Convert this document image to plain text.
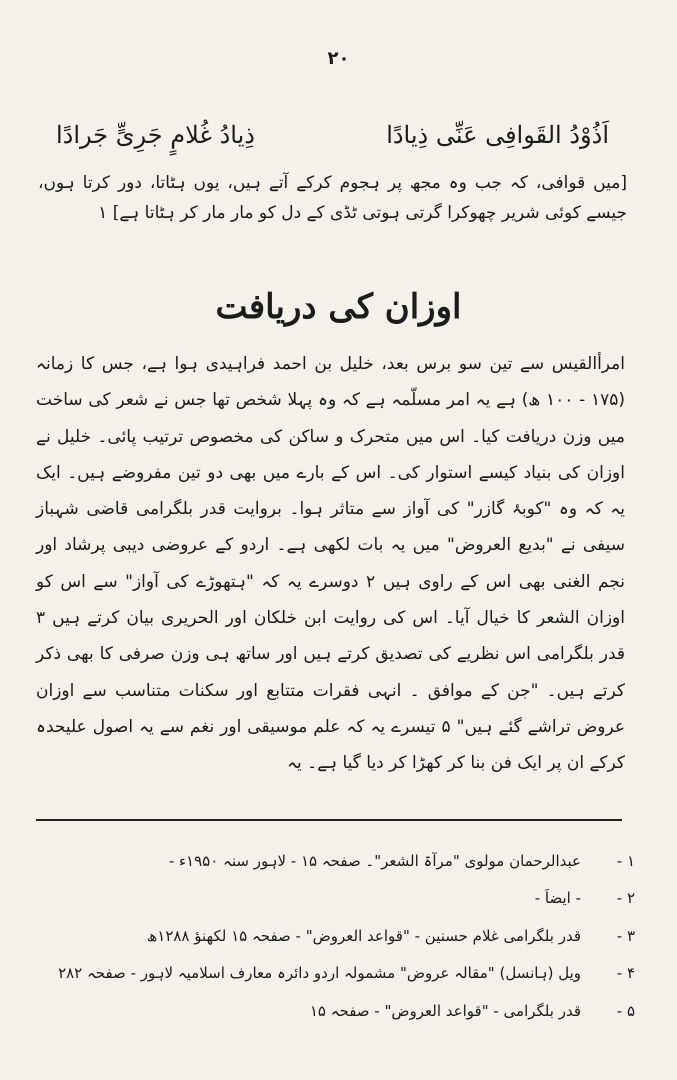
۲۰
اَذُوْدُ القَوافِی عَنِّی ذِیادًا
ذِیادُ غُلامٍ جَرِیٍّ جَرادًا
[میں قوافی، کہ جب وہ مجھ پر ہجوم کرکے آتے ہیں، یوں ہٹاتا، دور کرتا ہوں، جیسے کوئی شریر چھوکرا گرتی ہوتی ٹڈی کے دل کو مار مار کر ہٹاتا ہے] ۱
اوزان کی دریافت
امرأالقیس سے تین سو برس بعد، خلیل بن احمد فراہیدی ہوا ہے، جس کا زمانہ (۱۷۵ - ۱۰۰ ھ) ہے یہ امر مسلّمہ ہے کہ وہ پہلا شخص تھا جس نے شعر کی ساخت میں وزن دریافت کیا۔ اس میں متحرک و ساکن کی مخصوص ترتیب پائی۔ خلیل نے اوزان کی بنیاد کیسے استوار کی۔ اس کے بارے میں بھی دو تین مفروضے ہیں۔ ایک یہ کہ وہ "کوبۂ گازر" کی آواز سے متاثر ہوا۔ بروایت قدر بلگرامی قاضی شہباز سیفی نے "بدیع العروض" میں یہ بات لکھی ہے۔ اردو کے عروضی دیبی پرشاد اور نجم الغنی بھی اس کے راوی ہیں ۲ دوسرے یہ کہ "ہتھوڑے کی آواز" سے اس کو اوزان الشعر کا خیال آیا۔ اس کی روایت ابن خلکان اور الحریری بیان کرتے ہیں ۳ قدر بلگرامی اس نظریے کی تصدیق کرتے ہیں اور ساتھ ہی وزن صرفی کا بھی ذکر کرتے ہیں۔ "جن کے موافق ۔ انہی فقرات متتابع اور سکنات متناسب سے اوزان عروض تراشے گئے ہیں" ۵ تیسرے یہ کہ علم موسیقی اور نغم سے یہ اصول علیحدہ کرکے ان پر ایک فن بنا کر کھڑا کر دیا گیا ہے۔ یہ
۱ -
عبدالرحمان مولوی "مرآۃ الشعر"۔ صفحہ ۱۵ - لاہور سنہ ۱۹۵۰ء -
۲ -
- ایضاً -
۳ -
قدر بلگرامی غلام حسنین - "قواعد العروض" - صفحہ ۱۵ لکھنؤ ۱۲۸۸ھ
۴ -
ویل (ہانسل) "مقالہ عروض" مشمولہ اردو دائرہ معارف اسلامیہ لاہور - صفحہ ۲۸۲
۵ -
قدر بلگرامی - "قواعد العروض" - صفحہ ۱۵
